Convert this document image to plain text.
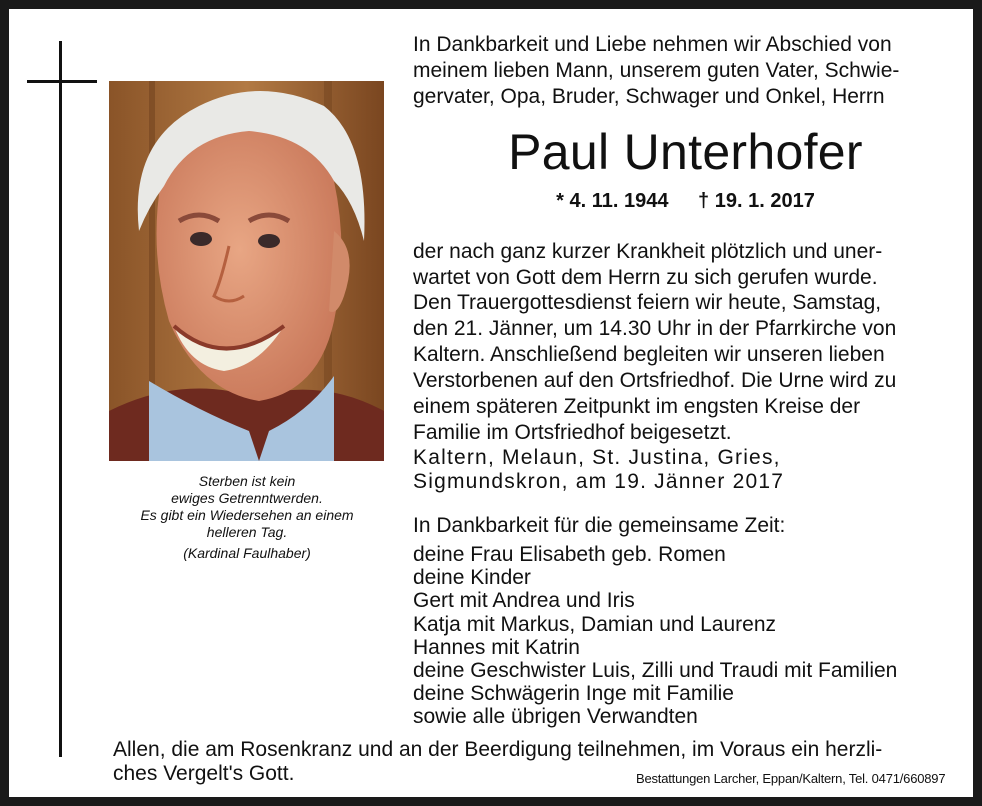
Sterben ist kein
ewiges Getrenntwerden.
Es gibt ein Wiedersehen an einem
helleren Tag.
(Kardinal Faulhaber)
In Dankbarkeit und Liebe nehmen wir Abschied von
meinem lieben Mann, unserem guten Vater, Schwie-
gervater, Opa, Bruder, Schwager und Onkel, Herrn
Paul Unterhofer
* 4. 11. 1944 † 19. 1. 2017
der nach ganz kurzer Krankheit plötzlich und uner-
wartet von Gott dem Herrn zu sich gerufen wurde.
Den Trauergottesdienst feiern wir heute, Samstag,
den 21. Jänner, um 14.30 Uhr in der Pfarrkirche von
Kaltern. Anschließend begleiten wir unseren lieben
Verstorbenen auf den Ortsfriedhof. Die Urne wird zu
einem späteren Zeitpunkt im engsten Kreise der
Familie im Ortsfriedhof beigesetzt.
Kaltern, Melaun, St. Justina, Gries,
Sigmundskron, am 19. Jänner 2017
In Dankbarkeit für die gemeinsame Zeit:
deine Frau Elisabeth geb. Romen
deine Kinder
Gert mit Andrea und Iris
Katja mit Markus, Damian und Laurenz
Hannes mit Katrin
deine Geschwister Luis, Zilli und Traudi mit Familien
deine Schwägerin Inge mit Familie
sowie alle übrigen Verwandten
Allen, die am Rosenkranz und an der Beerdigung teilnehmen, im Voraus ein herzli-
ches Vergelt's Gott.	Bestattungen Larcher, Eppan/Kaltern, Tel. 0471/660897
